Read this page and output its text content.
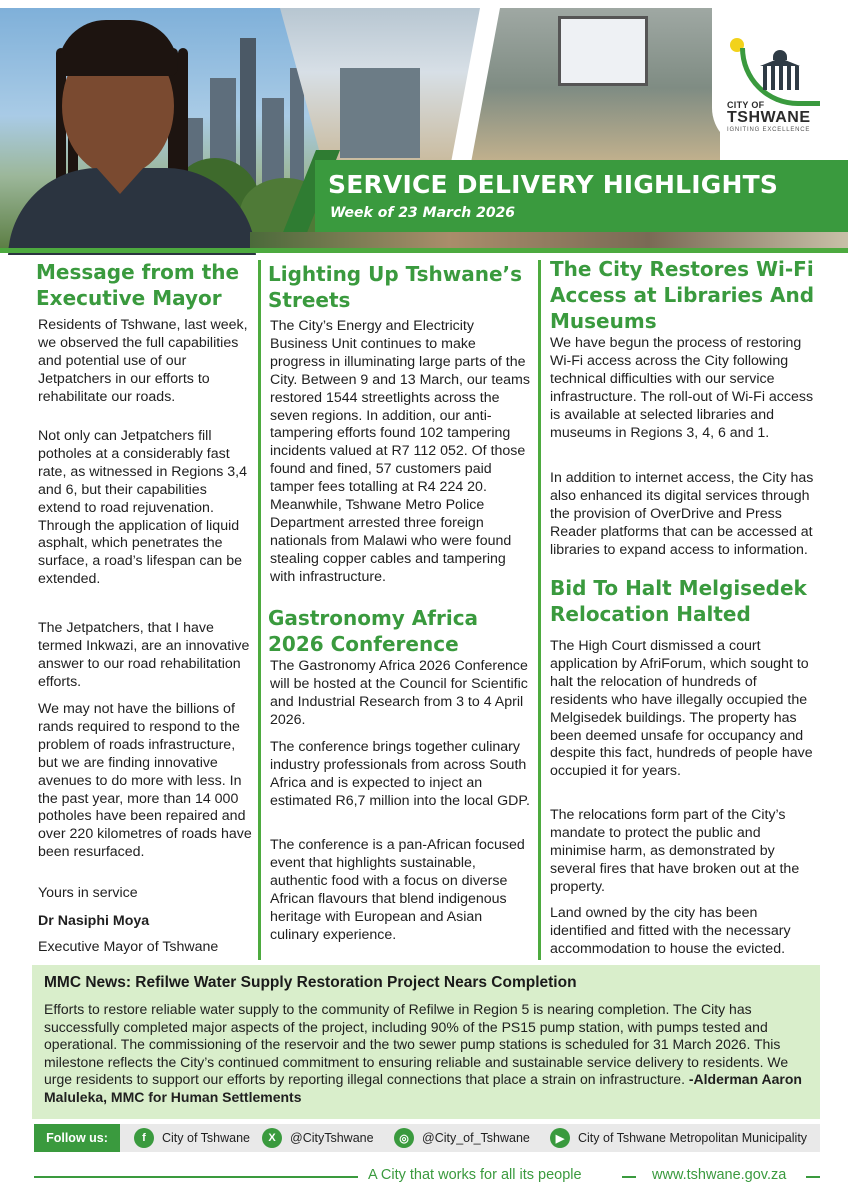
SERVICE DELIVERY HIGHLIGHTS
Week of 23 March 2026
CITY OF
TSHWANE
IGNITING EXCELLENCE
Message from the Executive Mayor

Residents of Tshwane, last week, we observed the full capabilities and potential use of our Jetpatchers in our efforts to rehabilitate our roads.

Not only can Jetpatchers fill potholes at a considerably fast rate, as witnessed in Regions 3,4 and 6, but their capabilities extend to road rejuvenation. Through the application of liquid asphalt, which penetrates the surface, a road’s lifespan can be extended.

The Jetpatchers, that I have termed Inkwazi, are an innovative answer to our road rehabilitation efforts.

We may not have the billions of rands required to respond to the problem of roads infrastructure, but we are finding innovative avenues to do more with less. In the past year, more than 14 000 potholes have been repaired and over 220 kilometres of roads have been resurfaced.

Yours in service

Dr Nasiphi Moya

Executive Mayor of Tshwane

Lighting Up Tshwane’s Streets

The City’s Energy and Electricity Business Unit continues to make progress in illuminating large parts of the City. Between 9 and 13 March, our teams restored 1544 streetlights across the seven regions. In addition, our anti-tampering efforts found 102 tampering incidents valued at R7 112 052. Of those found and fined, 57 customers paid tamper fees totalling at R4 224 20. Meanwhile, Tshwane Metro Police Department arrested three foreign nationals from Malawi who were found stealing copper cables and tampering with infrastructure.

Gastronomy Africa 2026 Conference

The Gastronomy Africa 2026 Conference will be hosted at the Council for Scientific and Industrial Research from 3 to 4 April 2026.

The conference brings together culinary industry professionals from across South Africa and is expected to inject an estimated R6,7 million into the local GDP.

The conference is a pan-African focused event that highlights sustainable, authentic food with a focus on diverse African flavours that blend indigenous heritage with European and Asian culinary experience.

The City Restores Wi-Fi Access at Libraries And Museums

We have begun the process of restoring Wi-Fi access across the City following technical difficulties with our service infrastructure. The roll-out of Wi-Fi access is available at selected libraries and museums in Regions 3, 4, 6 and 1.

In addition to internet access, the City has also enhanced its digital services through the provision of OverDrive and Press Reader platforms that can be accessed at libraries to expand access to information.

Bid To Halt Melgisedek Relocation Halted

The High Court dismissed a court application by AfriForum, which sought to halt the relocation of hundreds of residents who have illegally occupied the Melgisedek buildings. The property has been deemed unsafe for occupancy and despite this fact, hundreds of people have occupied it for years.

The relocations form part of the City’s mandate to protect the public and minimise harm, as demonstrated by several fires that have broken out at the property.

Land owned by the city has been identified and fitted with the necessary accommodation to house the evicted.

MMC News: Refilwe Water Supply Restoration Project Nears Completion
Efforts to restore reliable water supply to the community of Refilwe in Region 5 is nearing completion. The City has successfully completed major aspects of the project, including 90% of the PS15 pump station, with pumps tested and operational. The commissioning of the reservoir and the two sewer pump stations is scheduled for 31 March 2026. This milestone reflects the City’s continued commitment to ensuring reliable and sustainable service delivery to residents. We urge residents to support our efforts by reporting illegal connections that place a strain on infrastructure. -Alderman Aaron Maluleka, MMC for Human Settlements
Follow us:	f	City of Tshwane	X	@CityTshwane	◎	@City_of_Tshwane	▶	City of Tshwane Metropolitan Municipality
A City that works for all its people	www.tshwane.gov.za
